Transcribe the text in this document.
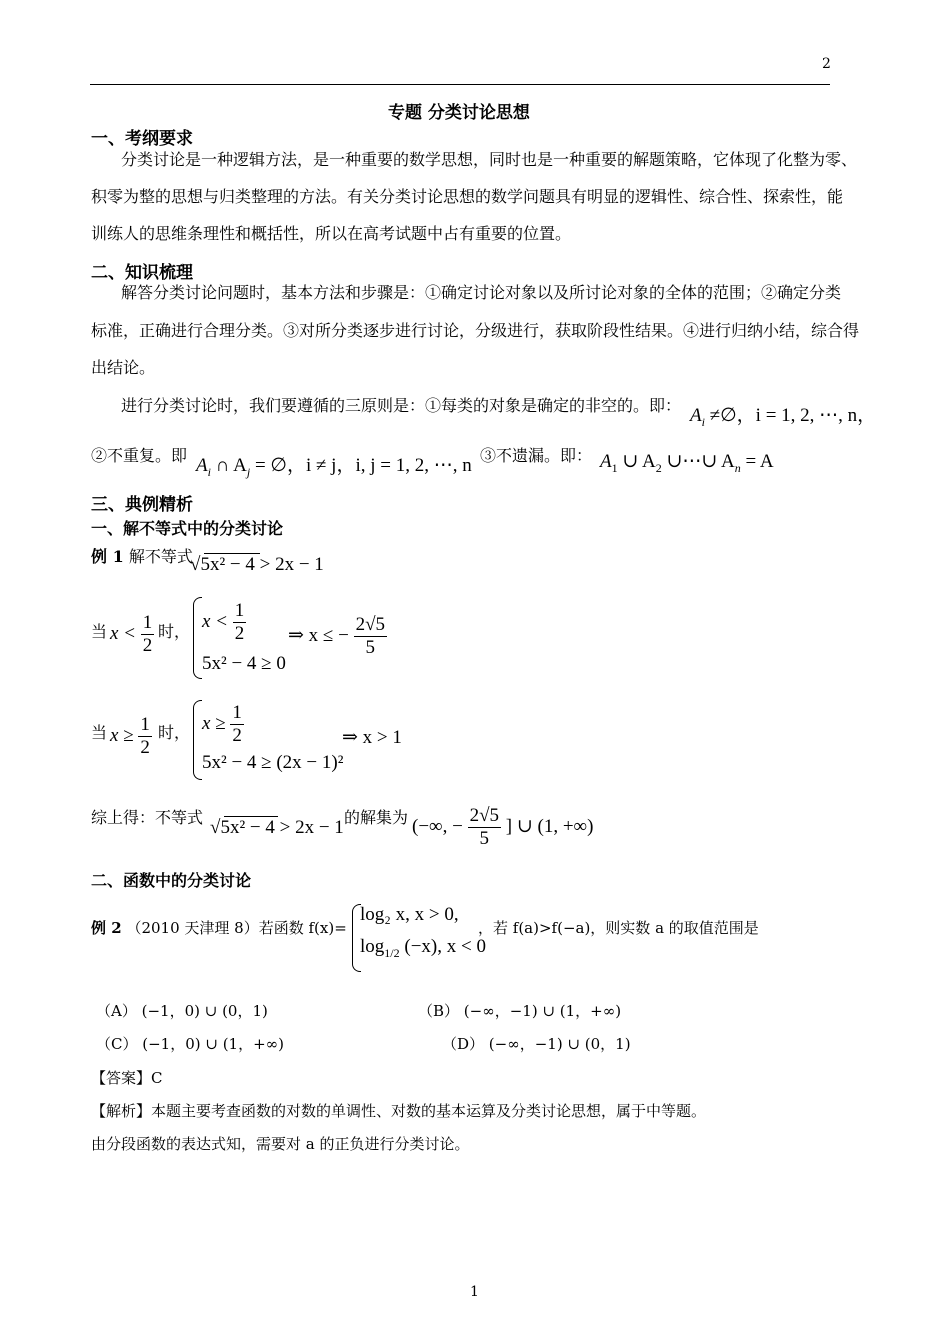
2
专题 分类讨论思想
一、考纲要求
分类讨论是一种逻辑方法，是一种重要的数学思想，同时也是一种重要的解题策略，它体现了化整为零、
积零为整的思想与归类整理的方法。有关分类讨论思想的数学问题具有明显的逻辑性、综合性、探索性，能
训练人的思维条理性和概括性，所以在高考试题中占有重要的位置。
二、知识梳理
解答分类讨论问题时，基本方法和步骤是：①确定讨论对象以及所讨论对象的全体的范围；②确定分类
标准，正确进行合理分类。③对所分类逐步进行讨论，分级进行，获取阶段性结果。④进行归纳小结，综合得
出结论。
进行分类讨论时，我们要遵循的三原则是：①每类的对象是确定的非空的。即： $A_i$ ≠∅，i = 1, 2, ⋯, n，
②不重复。即 $A_i$ ∩ $A_j$ = ∅，i ≠ j，i, j = 1, 2, ⋯, n ③不遗漏。即： $A_1$ ∪ $A_2$ ∪⋯∪ $A_n = A$
三、典例精析
一、解不等式中的分类讨论
例 1 解不等式
√5x² − 4 > 2x − 1
当 $x < \frac{1}{2}$ 时， $x < \frac{1}{2}$
5x² − 4 ≥ 0
⇒ x ≤ − $\frac{2√5}{5}$
当 $x \ge \frac{1}{2}$ 时， $x \ge \frac{1}{2}$
5x² − 4 ≥ (2x − 1)²
⇒ x > 1
综上得：不等式 √5x² − 4 > 2x − 1 的解集为 (−∞, − $\frac{2√5}{5}$ ] ∪ (1, +∞)
二、函数中的分类讨论
例 2 （2010 天津理 8）若函数 f(x)=
log₂ x, x > 0,
$\log_{1/2} (-x)$, x < 0
，若 f(a)>f(−a)，则实数 a 的取值范围是
（A） (−1，0) ∪ (0，1)	（B） (−∞，−1) ∪ (1，+∞)
（C） (−1，0) ∪ (1，+∞)	（D） (−∞，−1) ∪ (0，1)
【答案】C
【解析】本题主要考查函数的对数的单调性、对数的基本运算及分类讨论思想，属于中等题。
由分段函数的表达式知，需要对 a 的正负进行分类讨论。
1
